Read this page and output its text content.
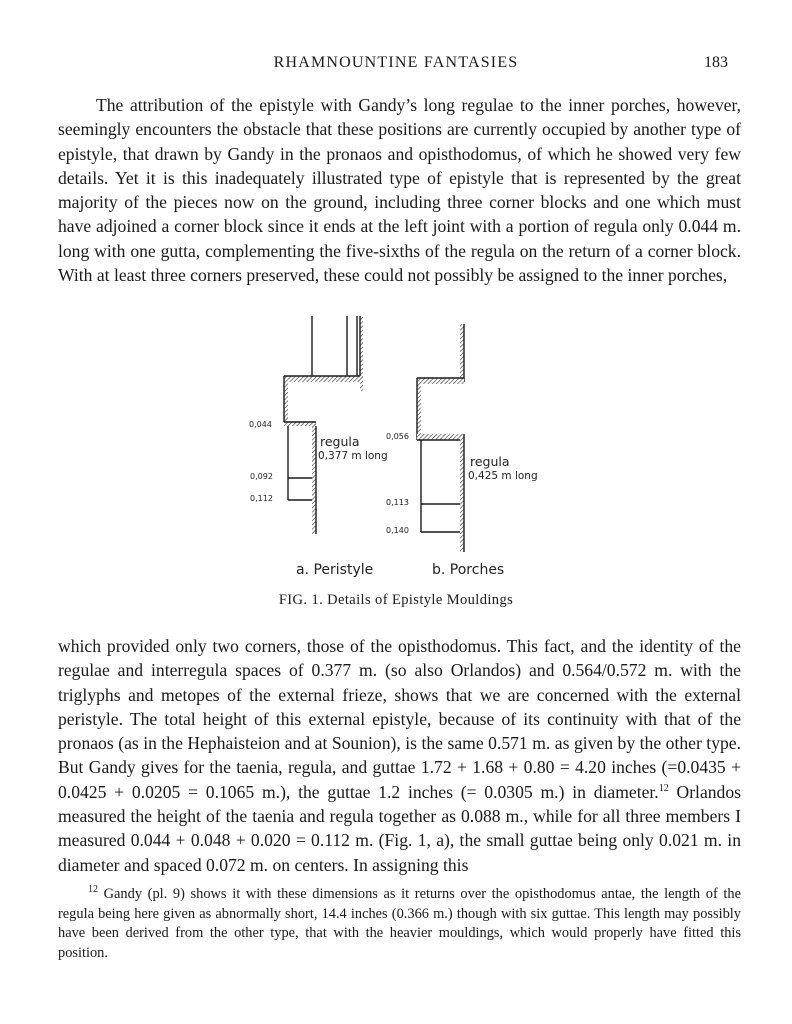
RHAMNOUNTINE FANTASIES	183

The attribution of the epistyle with Gandy’s long regulae to the inner porches, however, seemingly encounters the obstacle that these positions are currently occupied by another type of epistyle, that drawn by Gandy in the pronaos and opisthodomus, of which he showed very few details. Yet it is this inadequately illustrated type of epistyle that is represented by the great majority of the pieces now on the ground, including three corner blocks and one which must have adjoined a corner block since it ends at the left joint with a portion of regula only 0.044 m. long with one gutta, complementing the five-sixths of the regula on the return of a corner block. With at least three corners preserved, these could not possibly be assigned to the inner porches,

0,044
0,092
0,112
regula
0,377 m long
a. Peristyle
0,056
0,113
0,140
regula
0,425 m long
b. Porches
FIG. 1. Details of Epistyle Mouldings

which provided only two corners, those of the opisthodomus. This fact, and the identity of the regulae and interregula spaces of 0.377 m. (so also Orlandos) and 0.564/0.572 m. with the triglyphs and metopes of the external frieze, shows that we are concerned with the external peristyle. The total height of this external epistyle, because of its continuity with that of the pronaos (as in the Hephaisteion and at Sounion), is the same 0.571 m. as given by the other type. But Gandy gives for the taenia, regula, and guttae 1.72 + 1.68 + 0.80 = 4.20 inches (=0.0435 + 0.0425 + 0.0205 = 0.1065 m.), the guttae 1.2 inches (= 0.0305 m.) in diameter.$^{12}$ Orlandos measured the height of the taenia and regula together as 0.088 m., while for all three members I measured 0.044 + 0.048 + 0.020 = 0.112 m. (Fig. 1, a), the small guttae being only 0.021 m. in diameter and spaced 0.072 m. on centers. In assigning this

$^{12}$ Gandy (pl. 9) shows it with these dimensions as it returns over the opisthodomus antae, the length of the regula being here given as abnormally short, 14.4 inches (0.366 m.) though with six guttae. This length may possibly have been derived from the other type, that with the heavier mouldings, which would properly have fitted this position.
